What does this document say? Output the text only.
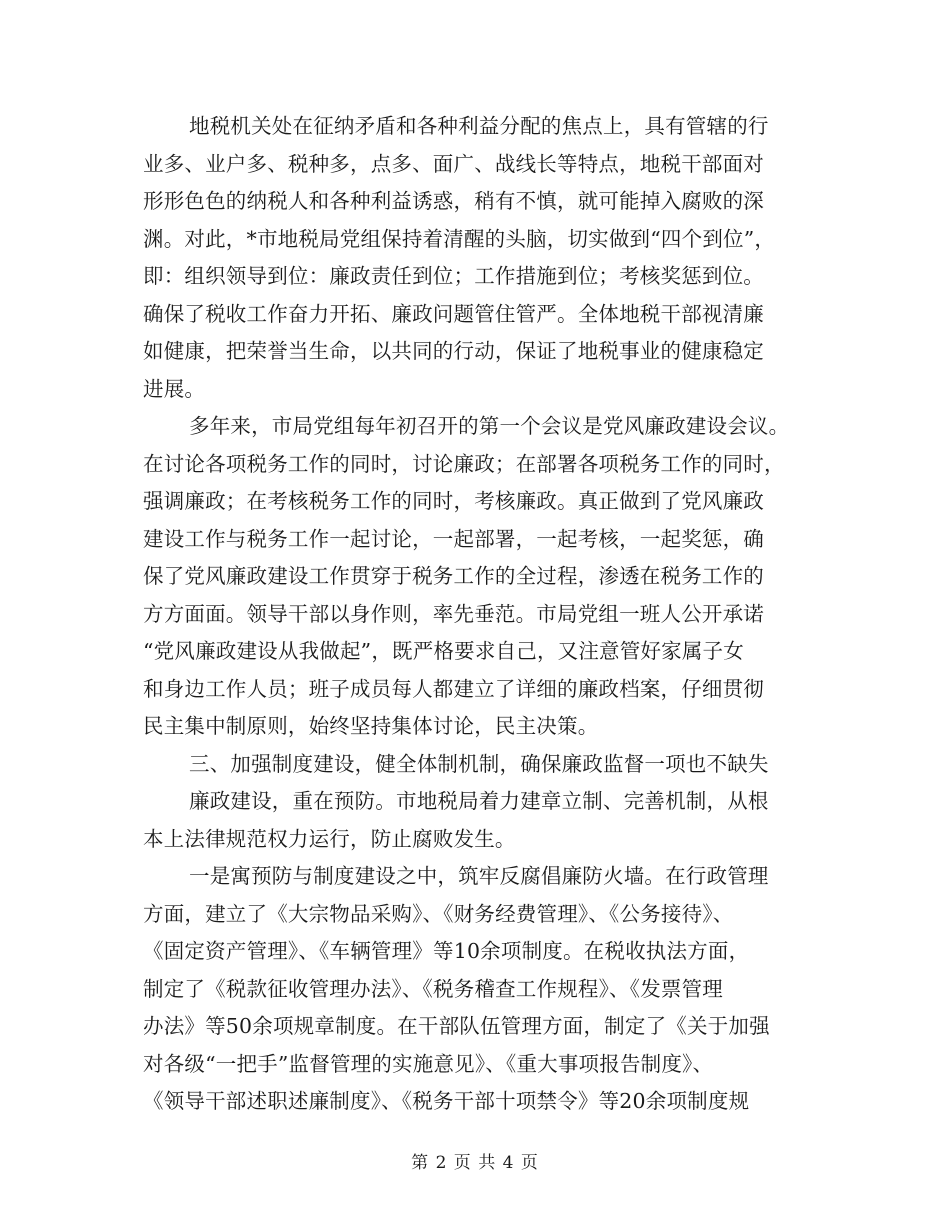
地税机关处在征纳矛盾和各种利益分配的焦点上，具有管辖的行
业多、业户多、税种多，点多、面广、战线长等特点，地税干部面对
形形色色的纳税人和各种利益诱惑，稍有不慎，就可能掉入腐败的深
渊。对此，*市地税局党组保持着清醒的头脑，切实做到“四个到位”，
即：组织领导到位：廉政责任到位；工作措施到位；考核奖惩到位。
确保了税收工作奋力开拓、廉政问题管住管严。全体地税干部视清廉
如健康，把荣誉当生命，以共同的行动，保证了地税事业的健康稳定
进展。
多年来，市局党组每年初召开的第一个会议是党风廉政建设会议。
在讨论各项税务工作的同时，讨论廉政；在部署各项税务工作的同时，
强调廉政；在考核税务工作的同时，考核廉政。真正做到了党风廉政
建设工作与税务工作一起讨论，一起部署，一起考核，一起奖惩，确
保了党风廉政建设工作贯穿于税务工作的全过程，渗透在税务工作的
方方面面。领导干部以身作则，率先垂范。市局党组一班人公开承诺
“党风廉政建设从我做起”，既严格要求自己，又注意管好家属子女
和身边工作人员；班子成员每人都建立了详细的廉政档案，仔细贯彻
民主集中制原则，始终坚持集体讨论，民主决策。
三、加强制度建设，健全体制机制，确保廉政监督一项也不缺失
廉政建设，重在预防。市地税局着力建章立制、完善机制，从根
本上法律规范权力运行，防止腐败发生。
一是寓预防与制度建设之中，筑牢反腐倡廉防火墙。在行政管理
方面，建立了《大宗物品采购》、《财务经费管理》、《公务接待》、
《固定资产管理》、《车辆管理》等10余项制度。在税收执法方面，
制定了《税款征收管理办法》、《税务稽查工作规程》、《发票管理
办法》等50余项规章制度。在干部队伍管理方面，制定了《关于加强
对各级“一把手”监督管理的实施意见》、《重大事项报告制度》、
《领导干部述职述廉制度》、《税务干部十项禁令》等20余项制度规
第 2 页 共 4 页
